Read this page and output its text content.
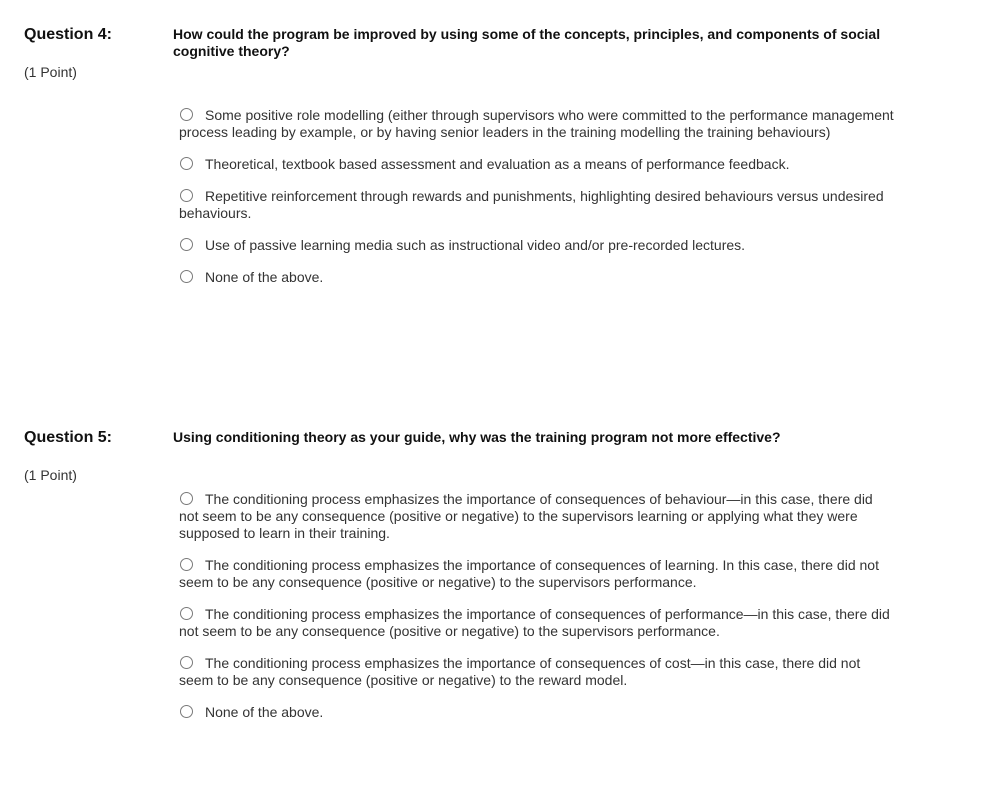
Question 4:
(1 Point)
How could the program be improved by using some of the concepts, principles, and components of social cognitive theory?
Some positive role modelling (either through supervisors who were committed to the performance management process leading by example, or by having senior leaders in the training modelling the training behaviours)
Theoretical, textbook based assessment and evaluation as a means of performance feedback.
Repetitive reinforcement through rewards and punishments, highlighting desired behaviours versus undesired behaviours.
Use of passive learning media such as instructional video and/or pre-recorded lectures.
None of the above.
Question 5:
(1 Point)
Using conditioning theory as your guide, why was the training program not more effective?
The conditioning process emphasizes the importance of consequences of behaviour—in this case, there did not seem to be any consequence (positive or negative) to the supervisors learning or applying what they were supposed to learn in their training.
The conditioning process emphasizes the importance of consequences of learning. In this case, there did not seem to be any consequence (positive or negative) to the supervisors performance.
The conditioning process emphasizes the importance of consequences of performance—in this case, there did not seem to be any consequence (positive or negative) to the supervisors performance.
The conditioning process emphasizes the importance of consequences of cost—in this case, there did not seem to be any consequence (positive or negative) to the reward model.
None of the above.
